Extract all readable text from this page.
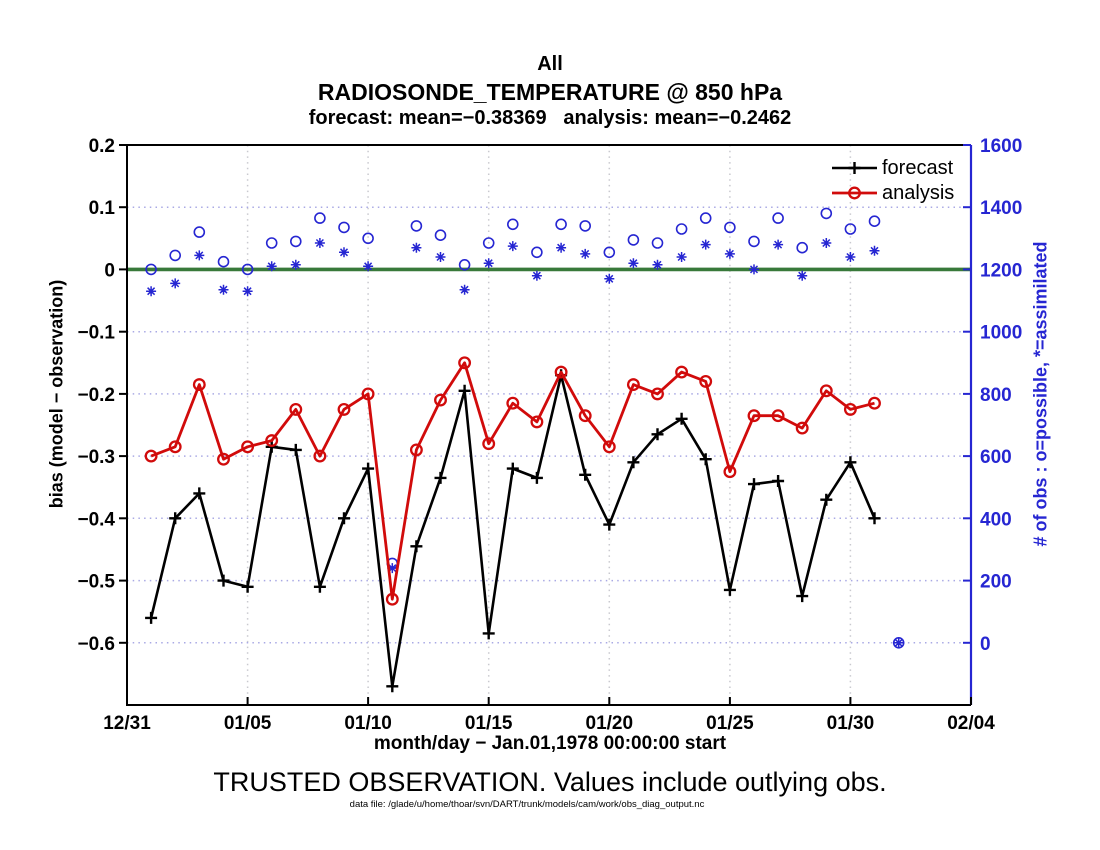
All
RADIOSONDE_TEMPERATURE @ 850 hPa
forecast: mean=−0.38369   analysis: mean=−0.2462
0.2
0.1
0
−0.1
−0.2
−0.3
−0.4
−0.5
−0.6
1600
1400
1200
1000
800
600
400
200
0
12/31	01/05	01/10	01/15	01/20	01/25	01/30	02/04
bias (model − observation)	# of obs : o=possible, *=assimilated
forecast
analysis
month/day − Jan.01,1978 00:00:00 start
TRUSTED OBSERVATION. Values include outlying obs.
data file: /glade/u/home/thoar/svn/DART/trunk/models/cam/work/obs_diag_output.nc
